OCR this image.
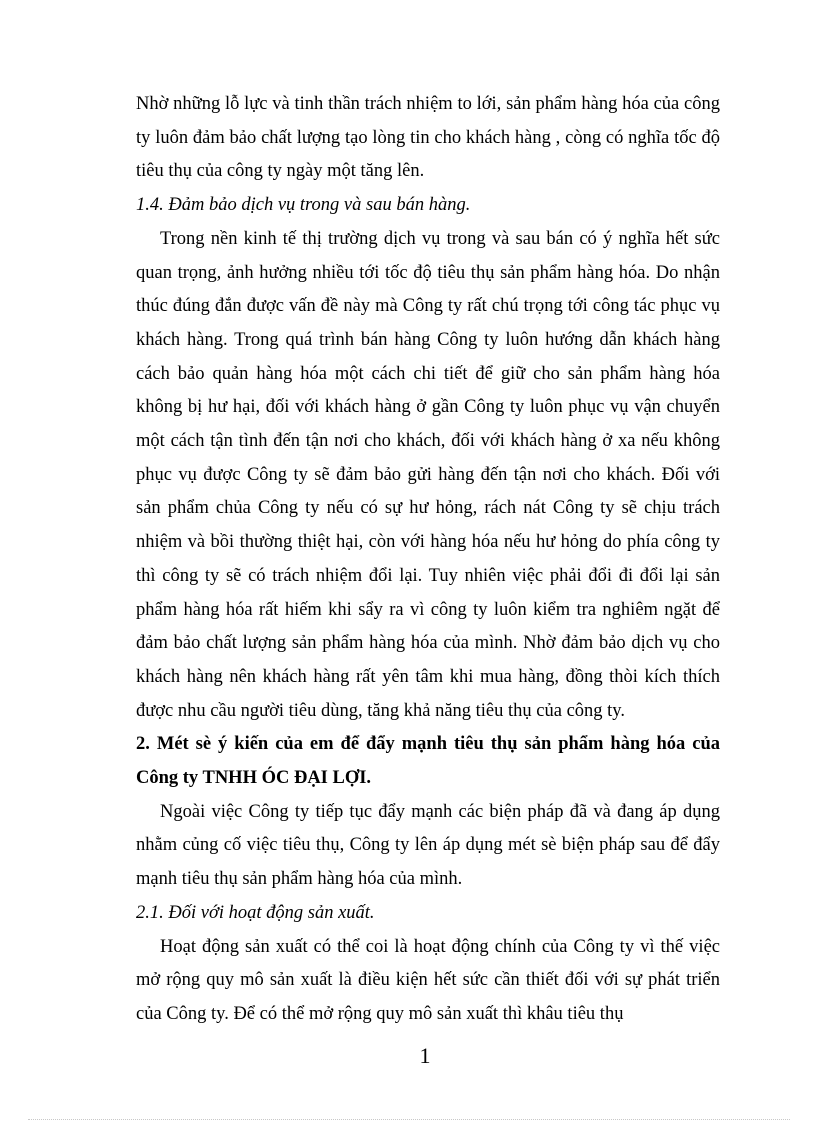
Nhờ những lỗ lực và tinh thần trách nhiệm to lới, sản phẩm hàng hóa của công ty luôn đảm bảo chất lượng tạo lòng tin cho khách hàng , còng có nghĩa tốc độ tiêu thụ của công ty ngày một tăng lên.

1.4. Đảm bảo dịch vụ trong và sau bán hàng.

Trong nền kinh tế thị trường dịch vụ trong và sau bán có ý nghĩa hết sức quan trọng, ảnh hưởng nhiều tới tốc độ tiêu thụ sản phẩm hàng hóa. Do nhận thúc đúng đắn được vấn đề này mà Công ty rất chú trọng tới công tác phục vụ khách hàng. Trong quá trình bán hàng Công ty luôn hướng dẫn khách hàng cách bảo quản hàng hóa một cách chi tiết để giữ cho sản phẩm hàng hóa không bị hư hại, đối với khách hàng ở gần Công ty luôn phục vụ vận chuyển một cách tận tình đến tận nơi cho khách, đối với khách hàng ở xa nếu không phục vụ được Công ty sẽ đảm bảo gửi hàng đến tận nơi cho khách. Đối với sản phẩm chủa Công ty nếu có sự hư hỏng, rách nát Công ty sẽ chịu trách nhiệm và bồi thường thiệt hại, còn với hàng hóa nếu hư hỏng do phía công ty thì công ty sẽ có trách nhiệm đổi lại. Tuy nhiên việc phải đổi đi đổi lại sản phẩm hàng hóa rất hiếm khi sẩy ra vì công ty luôn kiểm tra nghiêm ngặt để đảm bảo chất lượng sản phẩm hàng hóa của mình. Nhờ đảm bảo dịch vụ cho khách hàng nên khách hàng rất yên tâm khi mua hàng, đồng thòi kích thích được nhu cầu người tiêu dùng, tăng khả năng tiêu thụ của công ty.

2. Mét sè ý kiến của em để đẩy mạnh tiêu thụ sản phẩm hàng hóa của Công ty TNHH ÓC ĐẠI LỢI.

Ngoài việc Công ty tiếp tục đẩy mạnh các biện pháp đã và đang áp dụng nhằm củng cố việc tiêu thụ, Công ty lên áp dụng mét sè biện pháp sau để đẩy mạnh tiêu thụ sản phẩm hàng hóa của mình.

2.1. Đối với hoạt động sản xuất.

Hoạt động sản xuất có thể coi là hoạt động chính của Công ty vì thế việc mở rộng quy mô sản xuất là điều kiện hết sức cần thiết đối với sự phát triển của Công ty. Để có thể mở rộng quy mô sản xuất thì khâu tiêu thụ

1
